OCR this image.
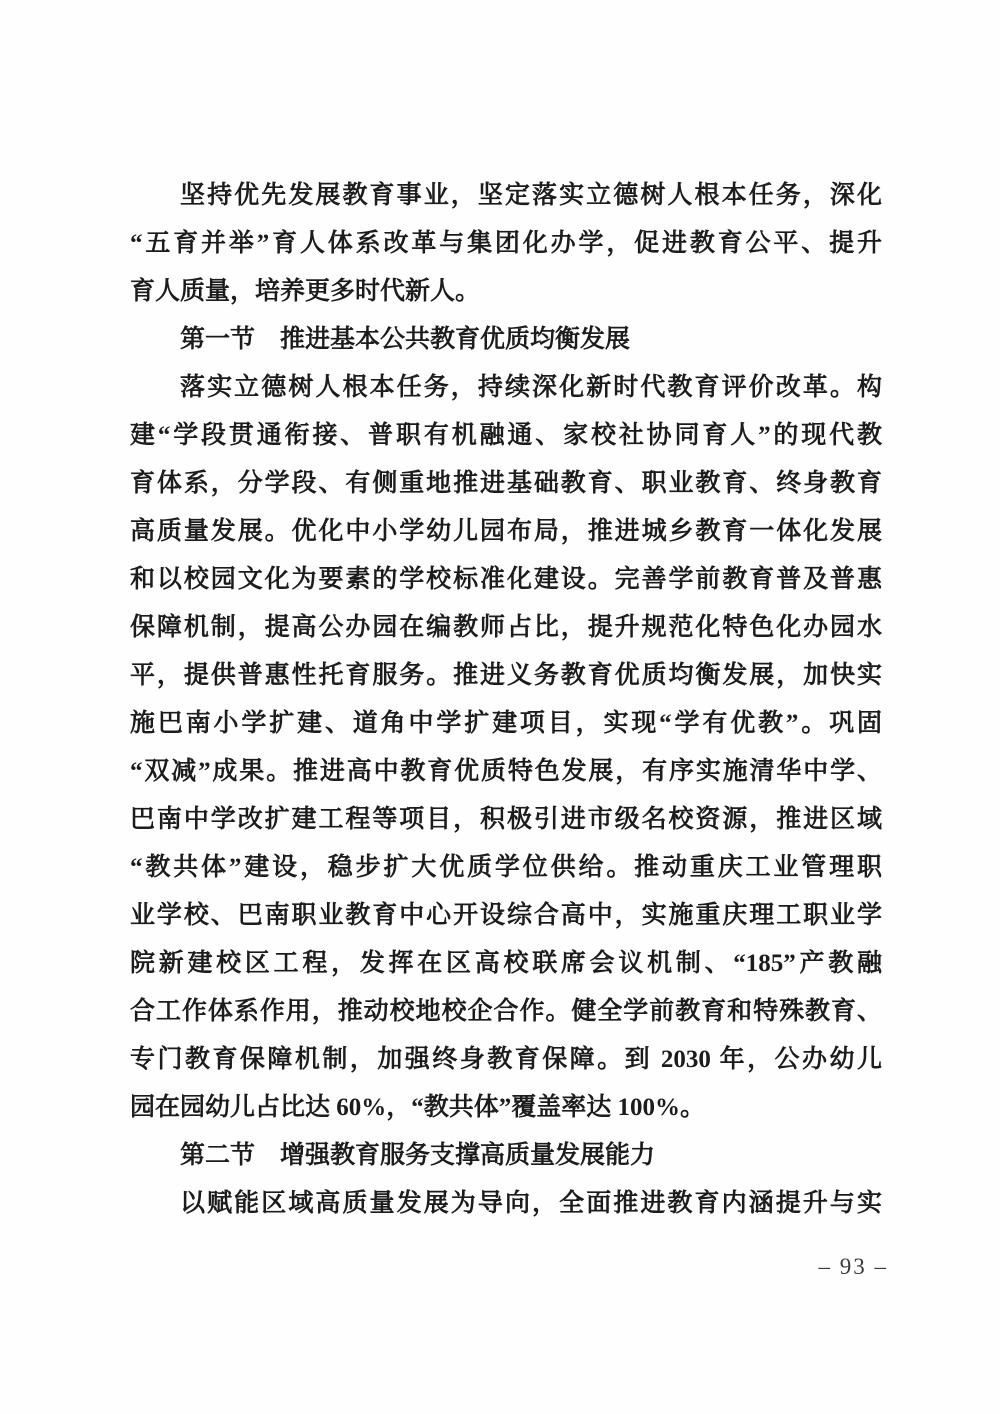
坚持优先发展教育事业，坚定落实立德树人根本任务，深化
“五育并举”育人体系改革与集团化办学，促进教育公平、提升
育人质量，培养更多时代新人。
第一节　推进基本公共教育优质均衡发展
落实立德树人根本任务，持续深化新时代教育评价改革。构
建“学段贯通衔接、普职有机融通、家校社协同育人”的现代教
育体系，分学段、有侧重地推进基础教育、职业教育、终身教育
高质量发展。优化中小学幼儿园布局，推进城乡教育一体化发展
和以校园文化为要素的学校标准化建设。完善学前教育普及普惠
保障机制，提高公办园在编教师占比，提升规范化特色化办园水
平，提供普惠性托育服务。推进义务教育优质均衡发展，加快实
施巴南小学扩建、道角中学扩建项目，实现“学有优教”。巩固
“双减”成果。推进高中教育优质特色发展，有序实施清华中学、
巴南中学改扩建工程等项目，积极引进市级名校资源，推进区域
“教共体”建设，稳步扩大优质学位供给。推动重庆工业管理职
业学校、巴南职业教育中心开设综合高中，实施重庆理工职业学
院新建校区工程，发挥在区高校联席会议机制、“185”产教融
合工作体系作用，推动校地校企合作。健全学前教育和特殊教育、
专门教育保障机制，加强终身教育保障。到 2030 年，公办幼儿
园在园幼儿占比达 60%，“教共体”覆盖率达 100%。
第二节　增强教育服务支撑高质量发展能力
以赋能区域高质量发展为导向，全面推进教育内涵提升与实
– 93 –
